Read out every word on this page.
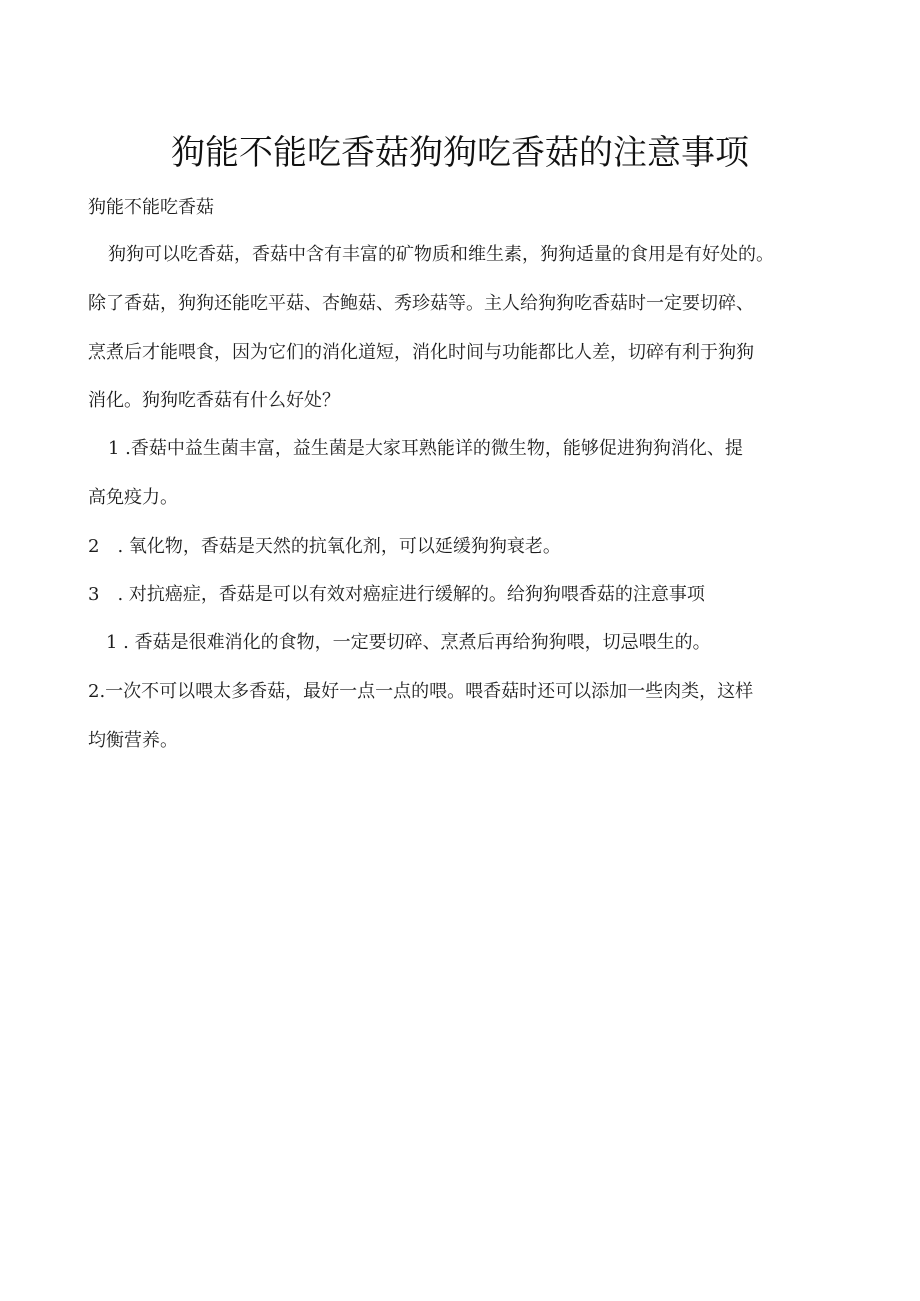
狗能不能吃香菇狗狗吃香菇的注意事项

狗能不能吃香菇

狗狗可以吃香菇，香菇中含有丰富的矿物质和维生素，狗狗适量的食用是有好处的。

除了香菇，狗狗还能吃平菇、杏鲍菇、秀珍菇等。主人给狗狗吃香菇时一定要切碎、

烹煮后才能喂食，因为它们的消化道短，消化时间与功能都比人差，切碎有利于狗狗

消化。狗狗吃香菇有什么好处？

1 .香菇中益生菌丰富，益生菌是大家耳熟能详的微生物，能够促进狗狗消化、提

高免疫力。

2　. 氧化物，香菇是天然的抗氧化剂，可以延缓狗狗衰老。

3　. 对抗癌症，香菇是可以有效对癌症进行缓解的。给狗狗喂香菇的注意事项

1 . 香菇是很难消化的食物，一定要切碎、烹煮后再给狗狗喂，切忌喂生的。

2.一次不可以喂太多香菇，最好一点一点的喂。喂香菇时还可以添加一些肉类，这样

均衡营养。
